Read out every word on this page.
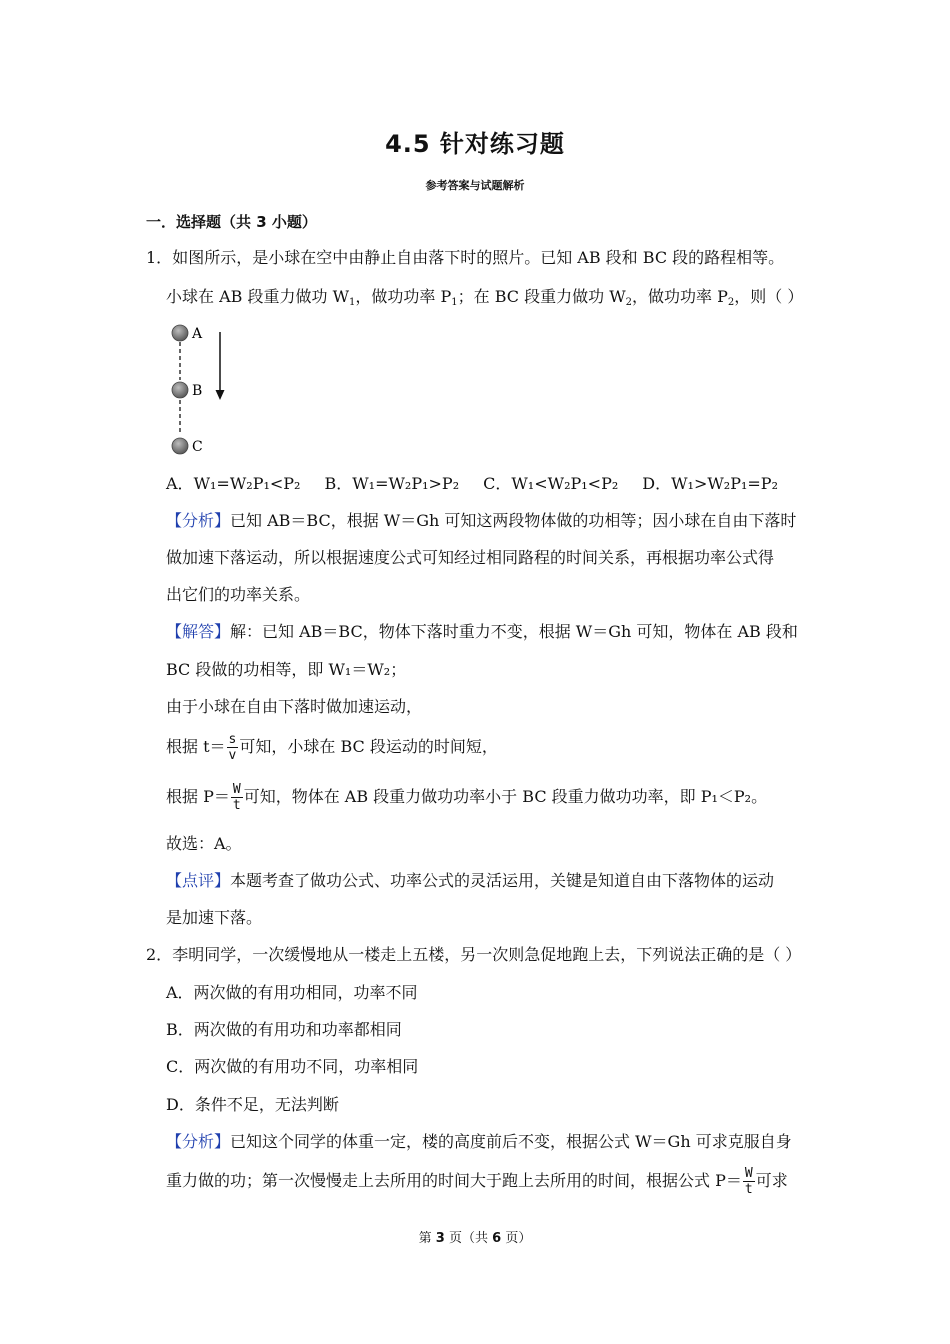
4.5 针对练习题
参考答案与试题解析
一．选择题（共 3 小题）
1．如图所示，是小球在空中由静止自由落下时的照片。已知 AB 段和 BC 段的路程相等。
小球在 AB 段重力做功 $W_1$，做功功率 $P_1$；在 BC 段重力做功 $W_2$，做功功率 $P_2$，则（ ）
A
B
C
A．W₁=W₂P₁<P₂ B．W₁=W₂P₁>P₂ C．W₁<W₂P₁<P₂ D．W₁>W₂P₁=P₂
【分析】已知 AB＝BC，根据 W＝Gh 可知这两段物体做的功相等；因小球在自由下落时
做加速下落运动，所以根据速度公式可知经过相同路程的时间关系，再根据功率公式得
出它们的功率关系。
【解答】解：已知 AB＝BC，物体下落时重力不变，根据 W＝Gh 可知，物体在 AB 段和
BC 段做的功相等，即 W₁＝W₂；
由于小球在自由下落时做加速运动，
根据 $t= \frac{s}{v}$ 可知，小球在 BC 段运动的时间短，
根据 $P= \frac{W}{t}$ 可知，物体在 AB 段重力做功功率小于 BC 段重力做功功率，即 P₁＜P₂。
故选：A。
【点评】本题考查了做功公式、功率公式的灵活运用，关键是知道自由下落物体的运动
是加速下落。
2．李明同学，一次缓慢地从一楼走上五楼，另一次则急促地跑上去，下列说法正确的是（ ）
A．两次做的有用功相同，功率不同
B．两次做的有用功和功率都相同
C．两次做的有用功不同，功率相同
D．条件不足，无法判断
【分析】已知这个同学的体重一定，楼的高度前后不变，根据公式 W＝Gh 可求克服自身
重力做的功；第一次慢慢走上去所用的时间大于跑上去所用的时间，根据公式 $P= \frac{W}{t}$ 可求
第 3 页（共 6 页）
